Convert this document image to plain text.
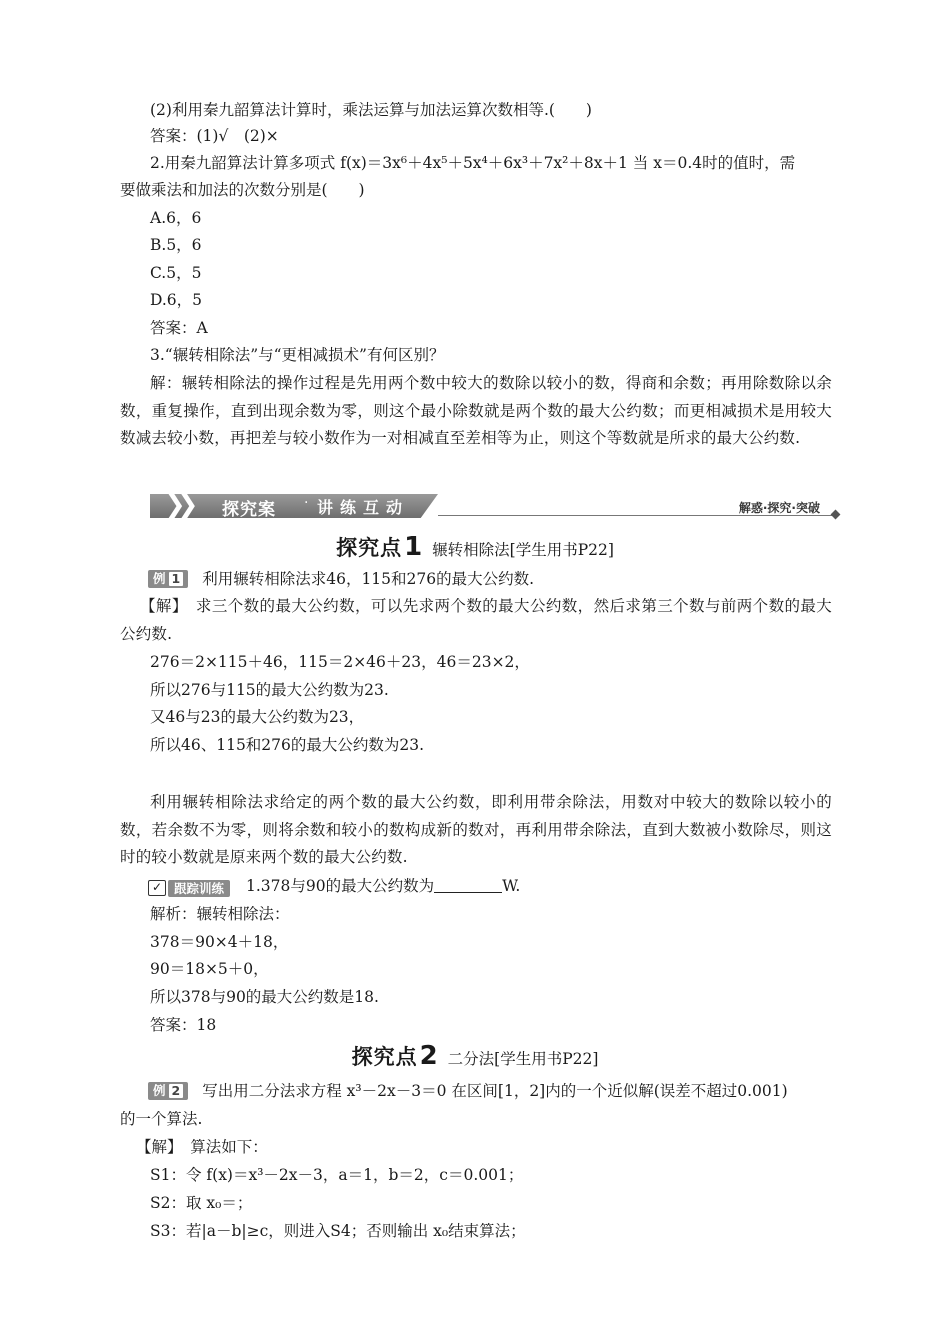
(2)利用秦九韶算法计算时，乘法运算与加法运算次数相等.(　　)
答案：(1)√　(2)×
2.用秦九韶算法计算多项式 f(x)＝3x⁶＋4x⁵＋5x⁴＋6x³＋7x²＋8x＋1 当 x＝0.4时的值时，需
要做乘法和加法的次数分别是(　　)
A.6，6
B.5，6
C.5，5
D.6，5
答案：A
3.“辗转相除法”与“更相减损术”有何区别？
解：辗转相除法的操作过程是先用两个数中较大的数除以较小的数，得商和余数；再用除数除以余数，重复操作，直到出现余数为零，则这个最小除数就是两个数的最大公约数；而更相减损术是用较大数减去较小数，再把差与较小数作为一对相减直至差相等为止，则这个等数就是所求的最大公约数.
❯❯	探究案 · 讲练互动	解惑·探究·突破
探究点1 辗转相除法[学生用书P22]
例 1 利用辗转相除法求46，115和276的最大公约数.
【解】　 求三个数的最大公约数，可以先求两个数的最大公约数，然后求第三个数与前两个数的最大公约数.
276＝2×115＋46，115＝2×46＋23，46＝23×2，
所以276与115的最大公约数为23.
又46与23的最大公约数为23，
所以46、115和276的最大公约数为23.
利用辗转相除法求给定的两个数的最大公约数，即利用带余除法，用数对中较大的数除以较小的数，若余数不为零，则将余数和较小的数构成新的数对，再利用带余除法，直到大数被小数除尽，则这时的较小数就是原来两个数的最大公约数.
✓ 跟踪训练	1.378与90的最大公约数为	W.
解析：辗转相除法：
378＝90×4＋18，
90＝18×5＋0，
所以378与90的最大公约数是18.
答案：18
探究点2 二分法[学生用书P22]
例 2 写出用二分法求方程 x³－2x－3＝0 在区间[1，2]内的一个近似解(误差不超过0.001)
的一个算法.
【解】　 算法如下：
S1：令 f(x)＝x³－2x－3，a＝1，b＝2，c＝0.001；
S2：取 x₀＝；
S3：若|a－b|≥c，则进入S4；否则输出 x₀结束算法；
